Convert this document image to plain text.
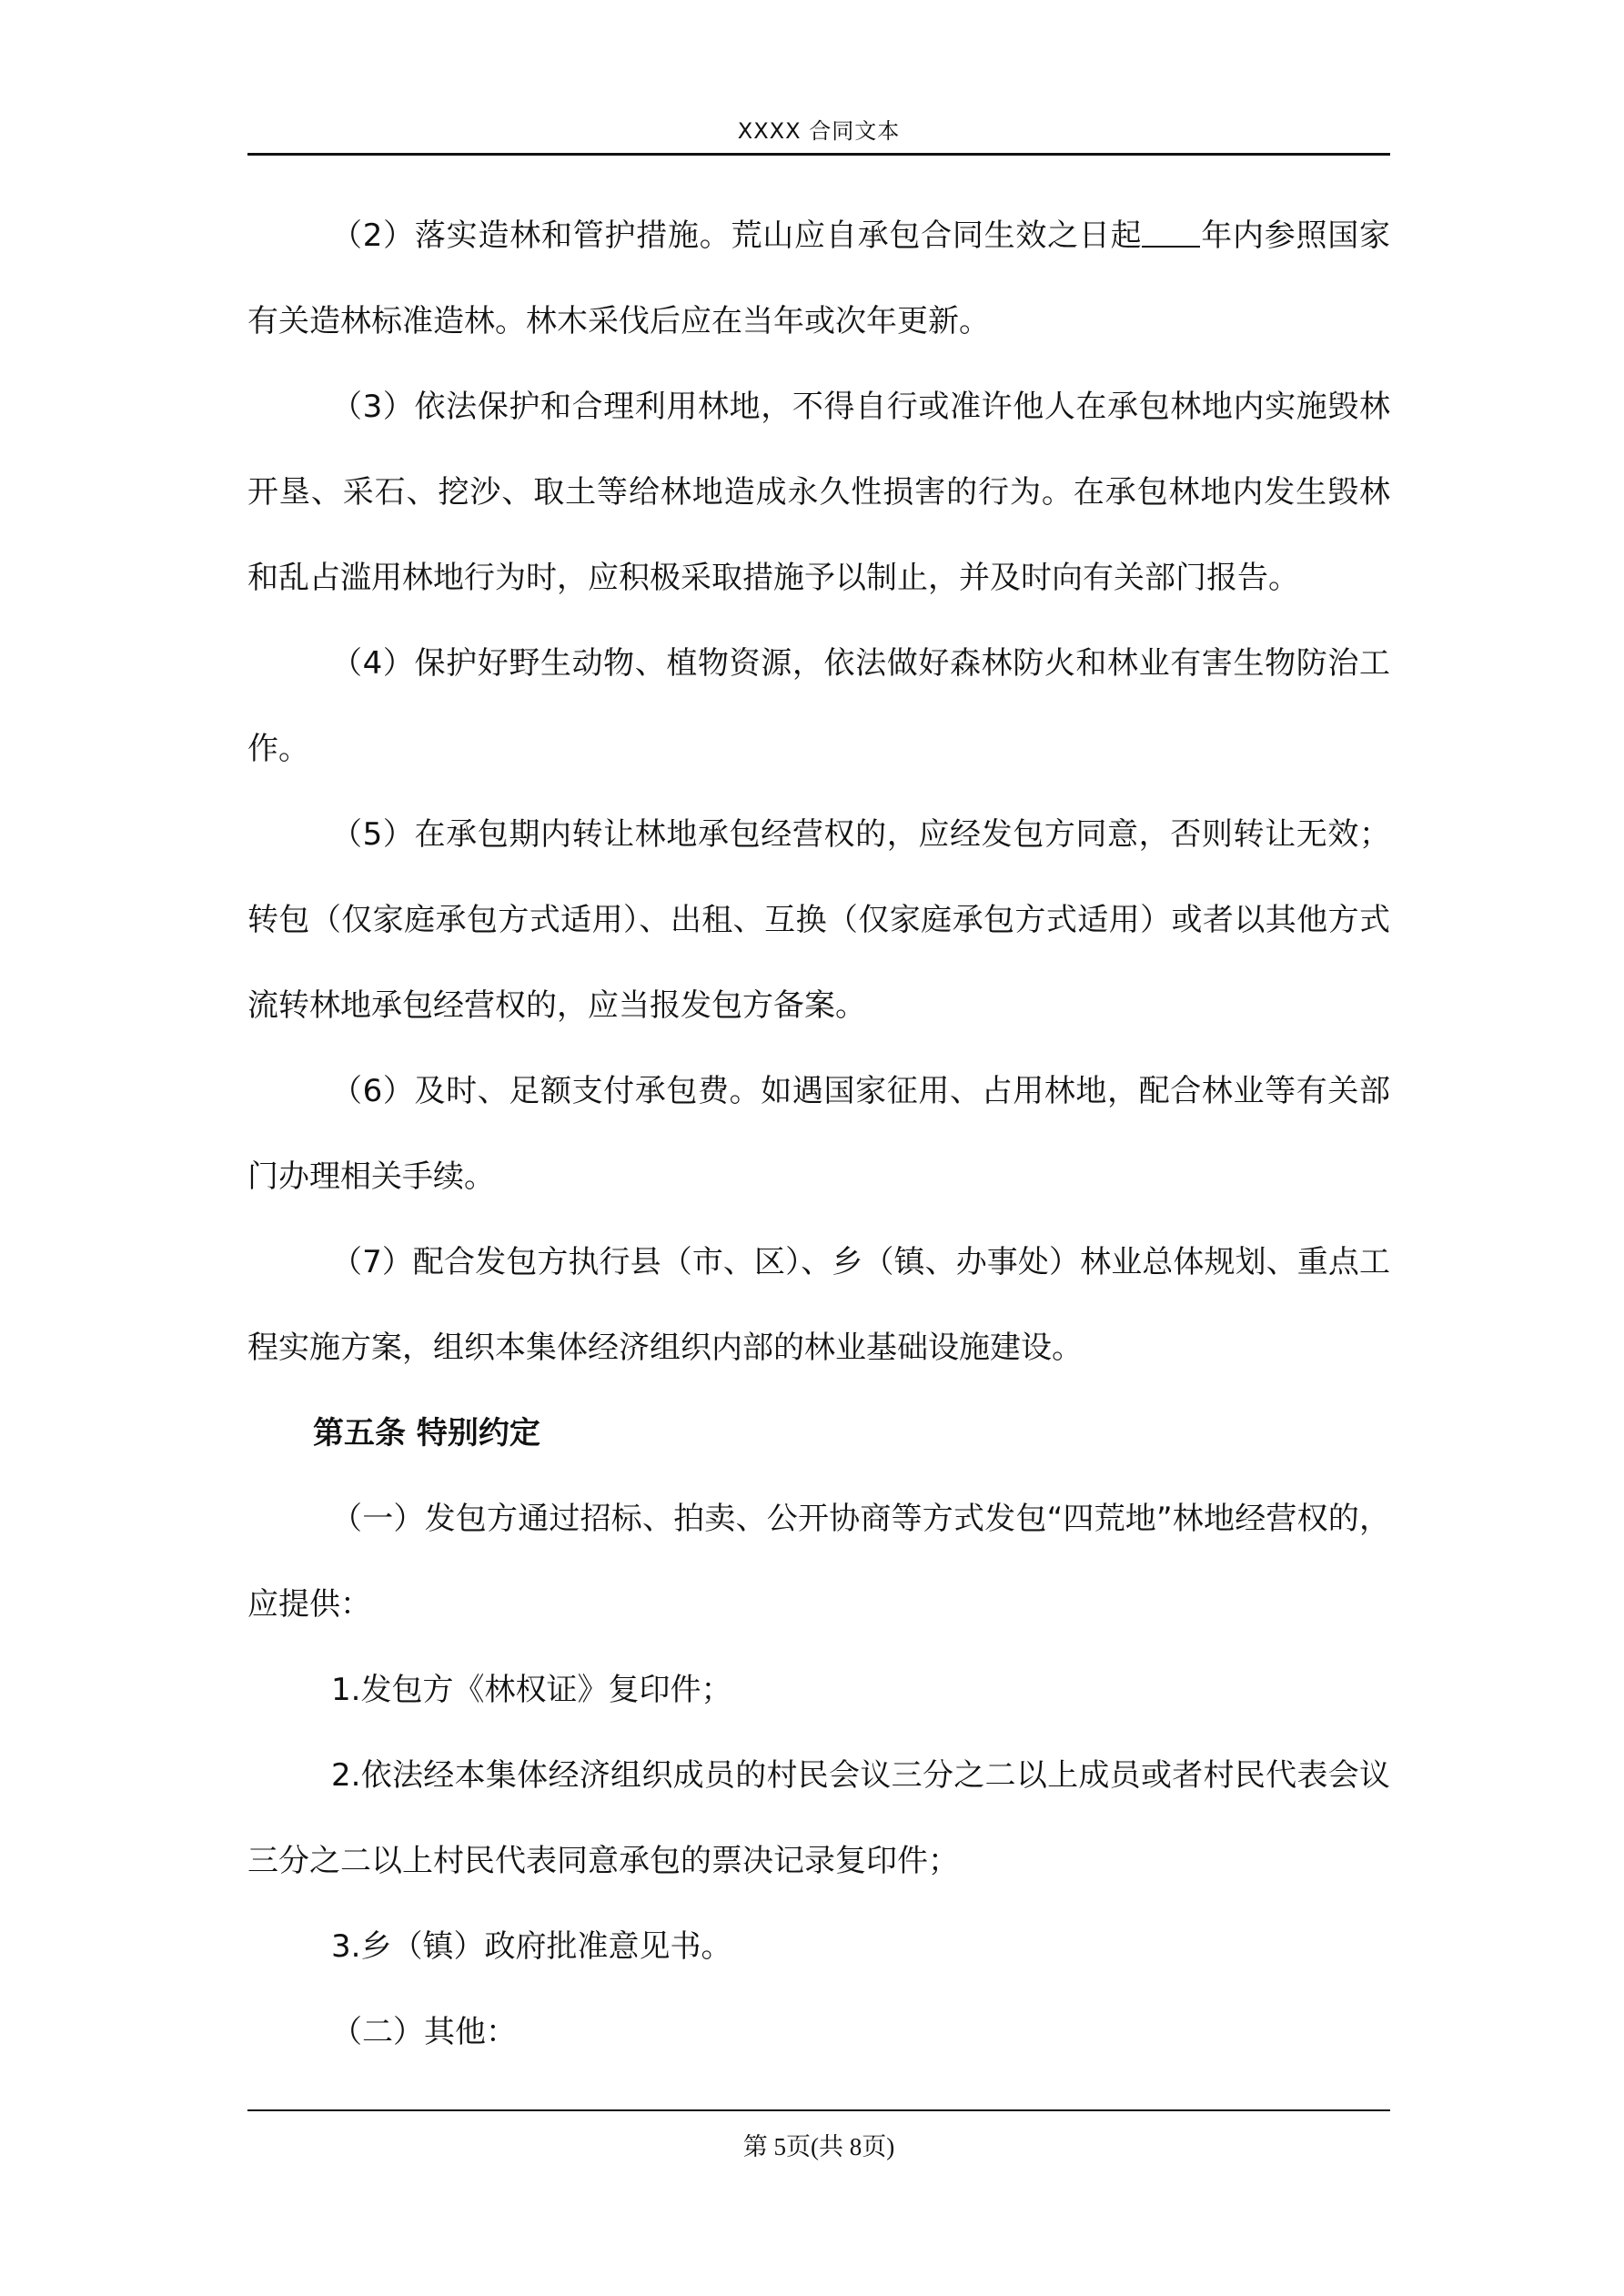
XXXX 合同文本

（2）落实造林和管护措施。荒山应自承包合同生效之日起 年内参照国家有关造林标准造林。林木采伐后应在当年或次年更新。

（3）依法保护和合理利用林地，不得自行或准许他人在承包林地内实施毁林开垦、采石、挖沙、取土等给林地造成永久性损害的行为。在承包林地内发生毁林和乱占滥用林地行为时，应积极采取措施予以制止，并及时向有关部门报告。

（4）保护好野生动物、植物资源，依法做好森林防火和林业有害生物防治工作。

（5）在承包期内转让林地承包经营权的，应经发包方同意，否则转让无效；转包（仅家庭承包方式适用）、出租、互换（仅家庭承包方式适用）或者以其他方式流转林地承包经营权的，应当报发包方备案。

（6）及时、足额支付承包费。如遇国家征用、占用林地，配合林业等有关部门办理相关手续。

（7）配合发包方执行县（市、区）、乡（镇、办事处）林业总体规划、重点工程实施方案，组织本集体经济组织内部的林业基础设施建设。

第五条 特别约定

（一）发包方通过招标、拍卖、公开协商等方式发包“四荒地”林地经营权的，应提供：

1.发包方《林权证》复印件；

2.依法经本集体经济组织成员的村民会议三分之二以上成员或者村民代表会议三分之二以上村民代表同意承包的票决记录复印件；

3.乡（镇）政府批准意见书。

（二）其他：

第 5页(共 8页)
